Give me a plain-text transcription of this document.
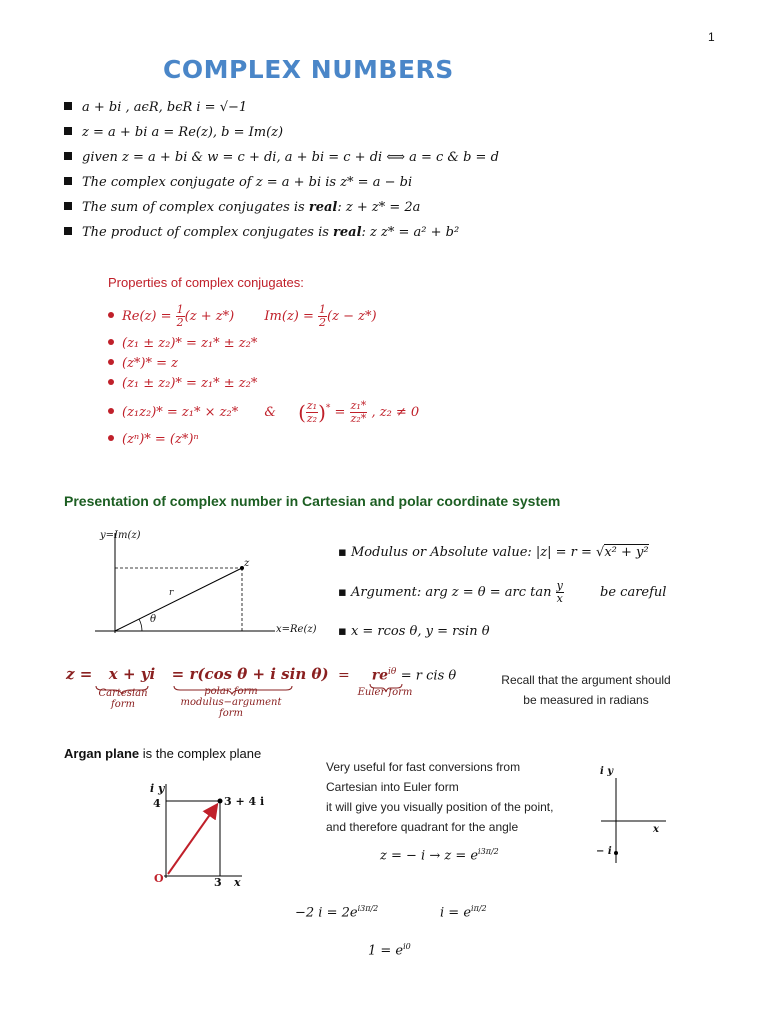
1
COMPLEX NUMBERS
a + bi , aϵR, bϵR i = √−1
z = a + bi a = Re(z), b = Im(z)
given z = a + bi & w = c + di, a + bi = c + di ⟺ a = c & b = d
The complex conjugate of z = a + bi is z* = a − bi
The sum of complex conjugates is real: z + z* = 2a
The product of complex conjugates is real: z z* = a² + b²
Properties of complex conjugates:
$Re(z) = \frac{1}{2} (z + z*) Im(z) = \frac{1}{2} (z - z*)$
(z₁ ± z₂)* = z₁* ± z₂*
(z*)* = z
(z₁ ± z₂)* = z₁* ± z₂*
(z₁z₂)* = z₁* × z₂* & ( $\frac{\text{z₁}}{\text{z₂}} )^* = \frac{\text{z₁*}}{\text{z₂*}}$ , z₂ ≠ 0
(zⁿ)* = (z*)ⁿ
Presentation of complex number in Cartesian and polar coordinate system
y=Im(z)
x=Re(z)
z
r
θ
▪ Modulus or Absolute value: |z| = r = √x² + y²
▪ Argument: arg z = θ = arc $\tan \frac{y}{x}$	be careful
▪ x = rcos θ, y = rsin θ
z = x + yi = r(cos θ + i sin θ)
Cartesian
form
polar form
modulus−argument
form
= $re^{i\theta} = r$ cis θ
Euler form
Recall that the argument should
be measured in radians
Argan plane is the complex plane
i y
4	3 + 4 i
O	3 x
Very useful for fast conversions from
Cartesian into Euler form
it will give you visually position of the point,
and therefore quadrant for the angle
z = − $i \to z = e^{i3\pi/2}$
i y
x
− i
−2 $i = 2e^{i3\pi/2}$	$i = e^{i\pi/2}$
$1 = e^{i0}$
